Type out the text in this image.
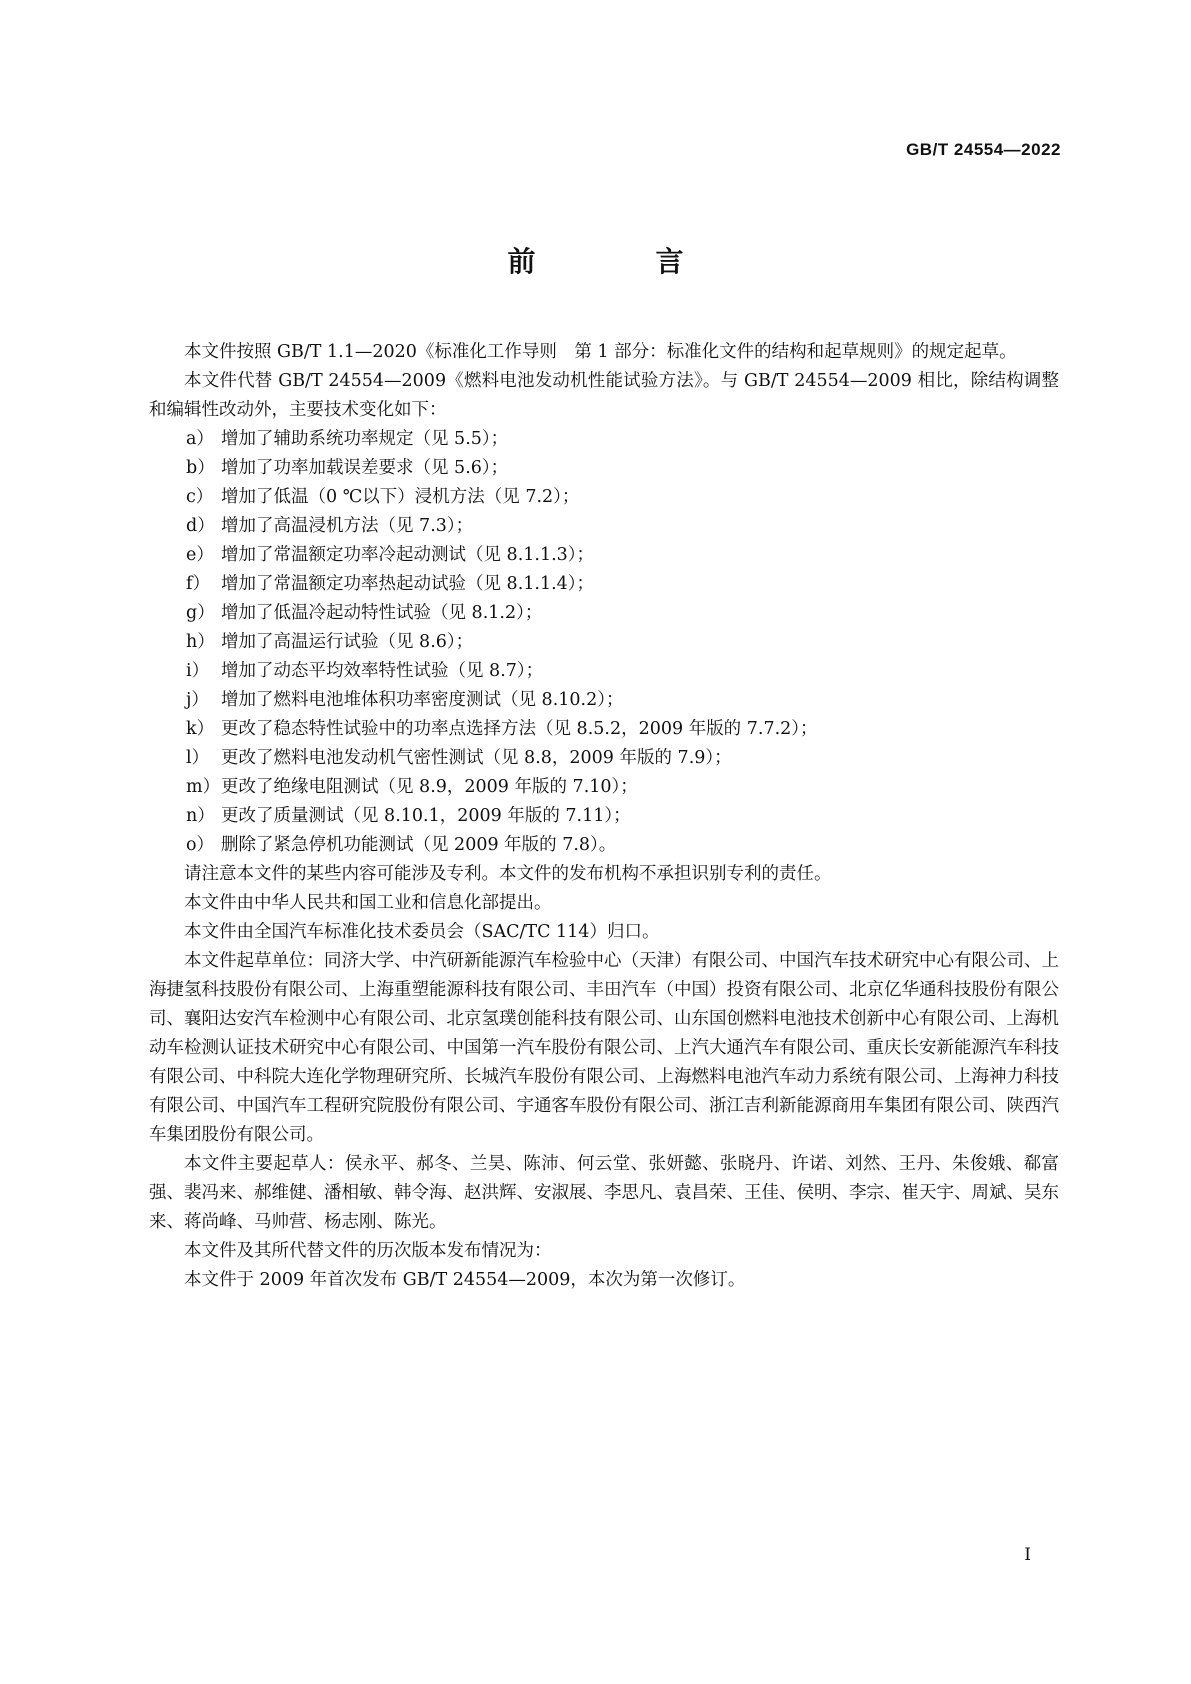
GB/T 24554—2022
前　言

本文件按照 GB/T 1.1—2020《标准化工作导则　第 1 部分：标准化文件的结构和起草规则》的规定起草。

本文件代替 GB/T 24554—2009《燃料电池发动机性能试验方法》。与 GB/T 24554—2009 相比，除结构调整和编辑性改动外，主要技术变化如下：

a） 增加了辅助系统功率规定（见 5.5）；

b） 增加了功率加载误差要求（见 5.6）；

c） 增加了低温（0 ℃以下）浸机方法（见 7.2）；

d） 增加了高温浸机方法（见 7.3）；

e） 增加了常温额定功率冷起动测试（见 8.1.1.3）；

f） 增加了常温额定功率热起动试验（见 8.1.1.4）；

g） 增加了低温冷起动特性试验（见 8.1.2）；

h） 增加了高温运行试验（见 8.6）；

i） 增加了动态平均效率特性试验（见 8.7）；

j） 增加了燃料电池堆体积功率密度测试（见 8.10.2）；

k） 更改了稳态特性试验中的功率点选择方法（见 8.5.2，2009 年版的 7.7.2）；

l） 更改了燃料电池发动机气密性测试（见 8.8，2009 年版的 7.9）；

m）更改了绝缘电阻测试（见 8.9，2009 年版的 7.10）；

n） 更改了质量测试（见 8.10.1，2009 年版的 7.11）；

o） 删除了紧急停机功能测试（见 2009 年版的 7.8）。

请注意本文件的某些内容可能涉及专利。本文件的发布机构不承担识别专利的责任。

本文件由中华人民共和国工业和信息化部提出。

本文件由全国汽车标准化技术委员会（SAC/TC 114）归口。

本文件起草单位：同济大学、中汽研新能源汽车检验中心（天津）有限公司、中国汽车技术研究中心有限公司、上海捷氢科技股份有限公司、上海重塑能源科技有限公司、丰田汽车（中国）投资有限公司、北京亿华通科技股份有限公司、襄阳达安汽车检测中心有限公司、北京氢璞创能科技有限公司、山东国创燃料电池技术创新中心有限公司、上海机动车检测认证技术研究中心有限公司、中国第一汽车股份有限公司、上汽大通汽车有限公司、重庆长安新能源汽车科技有限公司、中科院大连化学物理研究所、长城汽车股份有限公司、上海燃料电池汽车动力系统有限公司、上海神力科技有限公司、中国汽车工程研究院股份有限公司、宇通客车股份有限公司、浙江吉利新能源商用车集团有限公司、陕西汽车集团股份有限公司。

本文件主要起草人：侯永平、郝冬、兰昊、陈沛、何云堂、张妍懿、张晓丹、许诺、刘然、王丹、朱俊娥、郗富强、裴冯来、郝维健、潘相敏、韩令海、赵洪辉、安淑展、李思凡、袁昌荣、王佳、侯明、李宗、崔天宇、周斌、吴东来、蒋尚峰、马帅营、杨志刚、陈光。

本文件及其所代替文件的历次版本发布情况为：

本文件于 2009 年首次发布 GB/T 24554—2009，本次为第一次修订。

I
